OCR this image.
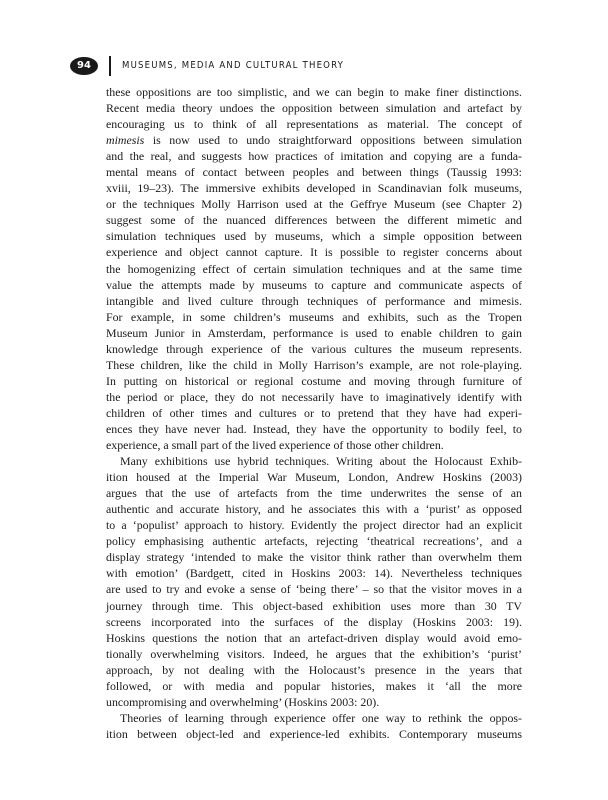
94	MUSEUMS, MEDIA AND CULTURAL THEORY
these oppositions are too simplistic, and we can begin to make finer distinctions.
Recent media theory undoes the opposition between simulation and artefact by
encouraging us to think of all representations as material. The concept of
mimesis is now used to undo straightforward oppositions between simulation
and the real, and suggests how practices of imitation and copying are a funda-
mental means of contact between peoples and between things (Taussig 1993:
xviii, 19–23). The immersive exhibits developed in Scandinavian folk museums,
or the techniques Molly Harrison used at the Geffrye Museum (see Chapter 2)
suggest some of the nuanced differences between the different mimetic and
simulation techniques used by museums, which a simple opposition between
experience and object cannot capture. It is possible to register concerns about
the homogenizing effect of certain simulation techniques and at the same time
value the attempts made by museums to capture and communicate aspects of
intangible and lived culture through techniques of performance and mimesis.
For example, in some children’s museums and exhibits, such as the Tropen
Museum Junior in Amsterdam, performance is used to enable children to gain
knowledge through experience of the various cultures the museum represents.
These children, like the child in Molly Harrison’s example, are not role-playing.
In putting on historical or regional costume and moving through furniture of
the period or place, they do not necessarily have to imaginatively identify with
children of other times and cultures or to pretend that they have had experi-
ences they have never had. Instead, they have the opportunity to bodily feel, to
experience, a small part of the lived experience of those other children.
Many exhibitions use hybrid techniques. Writing about the Holocaust Exhib-
ition housed at the Imperial War Museum, London, Andrew Hoskins (2003)
argues that the use of artefacts from the time underwrites the sense of an
authentic and accurate history, and he associates this with a ‘purist’ as opposed
to a ‘populist’ approach to history. Evidently the project director had an explicit
policy emphasising authentic artefacts, rejecting ‘theatrical recreations’, and a
display strategy ‘intended to make the visitor think rather than overwhelm them
with emotion’ (Bardgett, cited in Hoskins 2003: 14). Nevertheless techniques
are used to try and evoke a sense of ‘being there’ – so that the visitor moves in a
journey through time. This object-based exhibition uses more than 30 TV
screens incorporated into the surfaces of the display (Hoskins 2003: 19).
Hoskins questions the notion that an artefact-driven display would avoid emo-
tionally overwhelming visitors. Indeed, he argues that the exhibition’s ‘purist’
approach, by not dealing with the Holocaust’s presence in the years that
followed, or with media and popular histories, makes it ‘all the more
uncompromising and overwhelming’ (Hoskins 2003: 20).
Theories of learning through experience offer one way to rethink the oppos-
ition between object-led and experience-led exhibits. Contemporary museums
